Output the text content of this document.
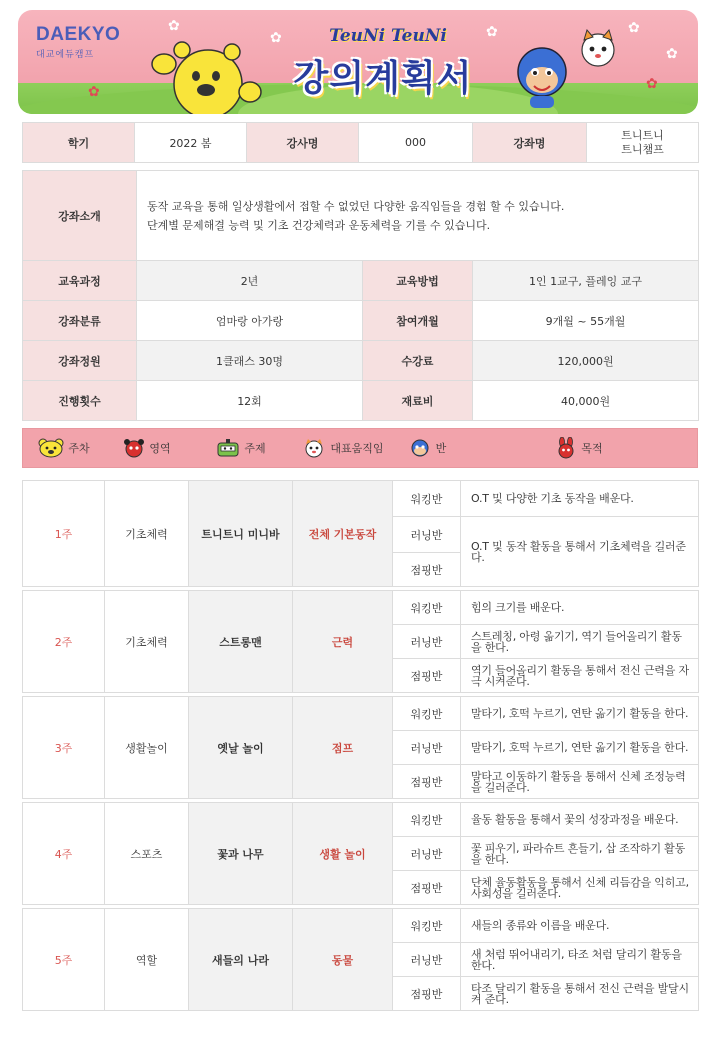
✿
✿	✿	✿
✿
✿
✿
DAEKYO
대교에듀캠프
TeuNi TeuNi
강의계획서
학기	2022 봄	강사명	000	강좌명	
트니트니
트니챔프
강좌소개	동작 교육을 통해 일상생활에서 접할 수 없었던 다양한 움직임들을 경험 할 수 있습니다.
단계별 문제해결 능력 및 기초 건강체력과 운동체력을 기를 수 있습니다.		

교육과정	2년	교육방법	1인 1교구, 플레잉 교구
강좌분류	엄마랑 아가랑	참여개월	9개월 ~ 55개월
강좌정원	1클래스 30명	수강료	120,000원
진행횟수	12회	재료비	40,000원
주차	영역	주제	대표움직임	반	목적
1주	기초체력	트니트니 미니바	전체 기본동작	워킹반	O.T 및 다양한 기초 동작을 배운다.
				러닝반	O.T 및 동작 활동을 통해서 기초체력을 길러준다.
				점핑반	

2주	기초체력	스트롱맨	근력	워킹반	힘의 크기를 배운다.
				러닝반	스트레칭, 아령 옮기기, 역기 들어올리기 활동을 한다.
				점핑반	역기 들어올리기 활동을 통해서 전신 근력을 자극 시켜준다.

3주	생활놀이	옛날 놀이	점프	워킹반	말타기, 호떡 누르기, 연탄 옮기기 활동을 한다.
				러닝반	말타기, 호떡 누르기, 연탄 옮기기 활동을 한다.
				점핑반	말타고 이동하기 활동을 통해서 신체 조정능력을 길러준다.

4주	스포츠	꽃과 나무	생활 놀이	워킹반	율동 활동을 통해서 꽃의 성장과정을 배운다.
				러닝반	꽃 피우기, 파라슈트 흔들기, 삽 조작하기 활동을 한다.
				점핑반	단체 율동활동을 통해서 신체 리듬감을 익히고, 사회성을 길러준다.

5주	역할	새들의 나라	동물	워킹반	새들의 종류와 이름을 배운다.
				러닝반	새 처럼 뛰어내리기, 타조 처럼 달리기 활동을 한다.
				점핑반	타조 달리기 활동을 통해서 전신 근력을 발달시켜 준다.
